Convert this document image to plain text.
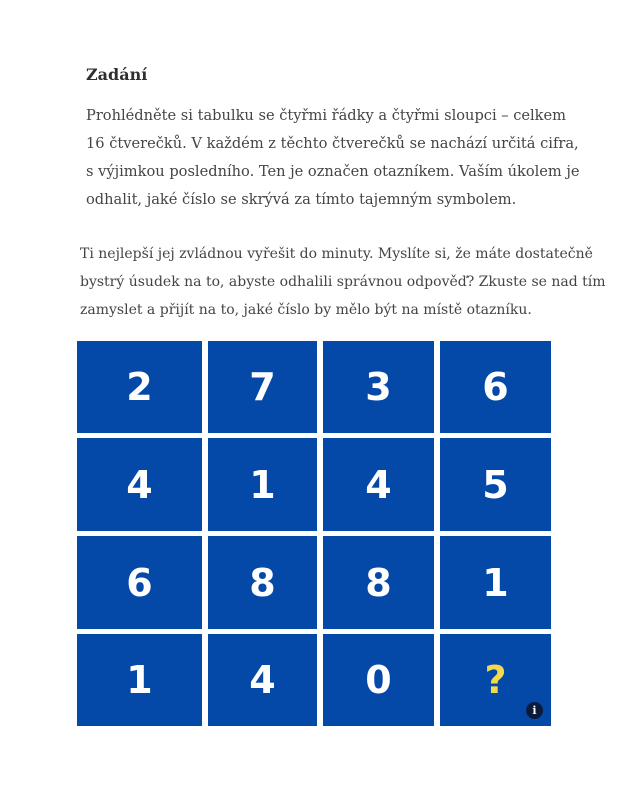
Zadání

Prohlédněte si tabulku se čtyřmi řádky a čtyřmi sloupci – celkem
16 čtverečků. V každém z těchto čtverečků se nachází určitá cifra,
s výjimkou posledního. Ten je označen otazníkem. Vaším úkolem je
odhalit, jaké číslo se skrývá za tímto tajemným symbolem.

Ti nejlepší jej zvládnou vyřešit do minuty. Myslíte si, že máte dostatečně
bystrý úsudek na to, abyste odhalili správnou odpověď? Zkuste se nad tím
zamyslet a přijít na to, jaké číslo by mělo být na místě otazníku.

2	7	3	6
4	1	4	5
6	8	8	1
1	4	0	?
i
